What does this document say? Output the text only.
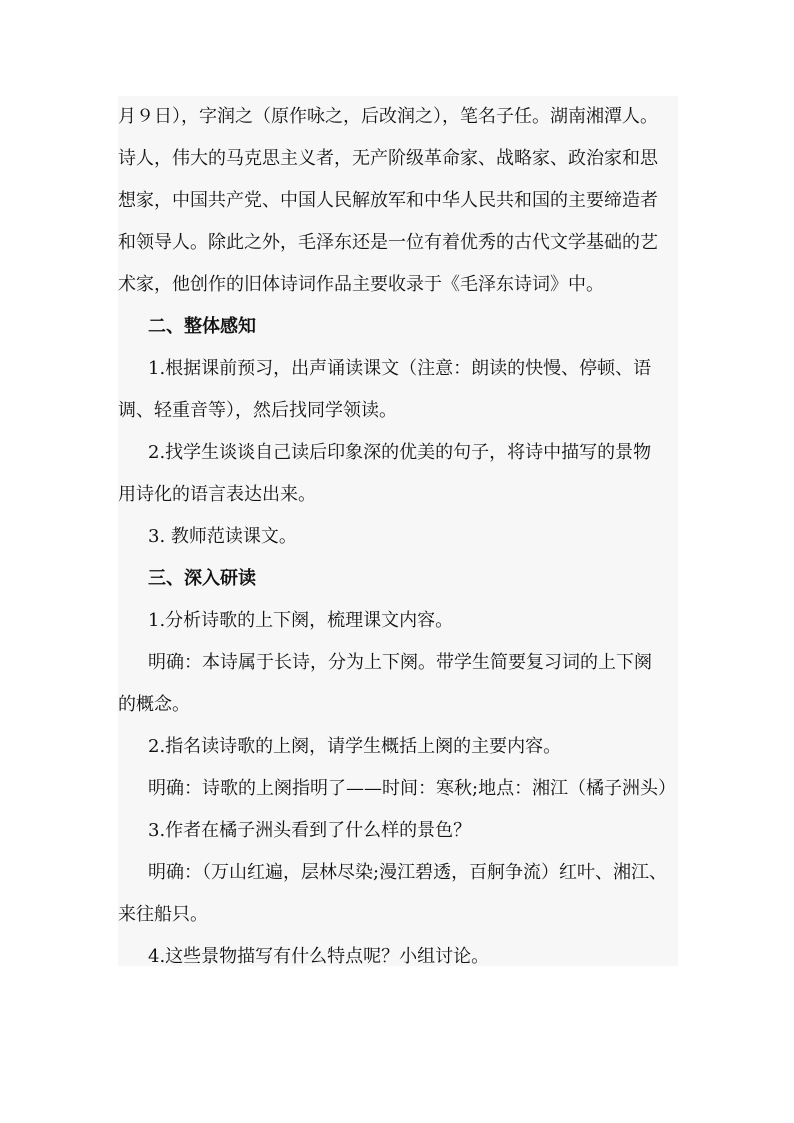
月９日），字润之（原作咏之，后改润之），笔名子任。湖南湘潭人。
诗人，伟大的马克思主义者，无产阶级革命家、战略家、政治家和思
想家，中国共产党、中国人民解放军和中华人民共和国的主要缔造者
和领导人。除此之外，毛泽东还是一位有着优秀的古代文学基础的艺
术家，他创作的旧体诗词作品主要收录于《毛泽东诗词》中。
二、整体感知
1.根据课前预习，出声诵读课文（注意：朗读的快慢、停顿、语
调、轻重音等），然后找同学领读。
2.找学生谈谈自己读后印象深的优美的句子，将诗中描写的景物
用诗化的语言表达出来。
3. 教师范读课文。
三、深入研读
1.分析诗歌的上下阕，梳理课文内容。
明确：本诗属于长诗，分为上下阕。带学生简要复习词的上下阕
的概念。
2.指名读诗歌的上阕，请学生概括上阕的主要内容。
明确：诗歌的上阕指明了——时间：寒秋;地点：湘江（橘子洲头）
3.作者在橘子洲头看到了什么样的景色？
明确：（万山红遍，层林尽染;漫江碧透，百舸争流）红叶、湘江、
来往船只。
4.这些景物描写有什么特点呢？小组讨论。
